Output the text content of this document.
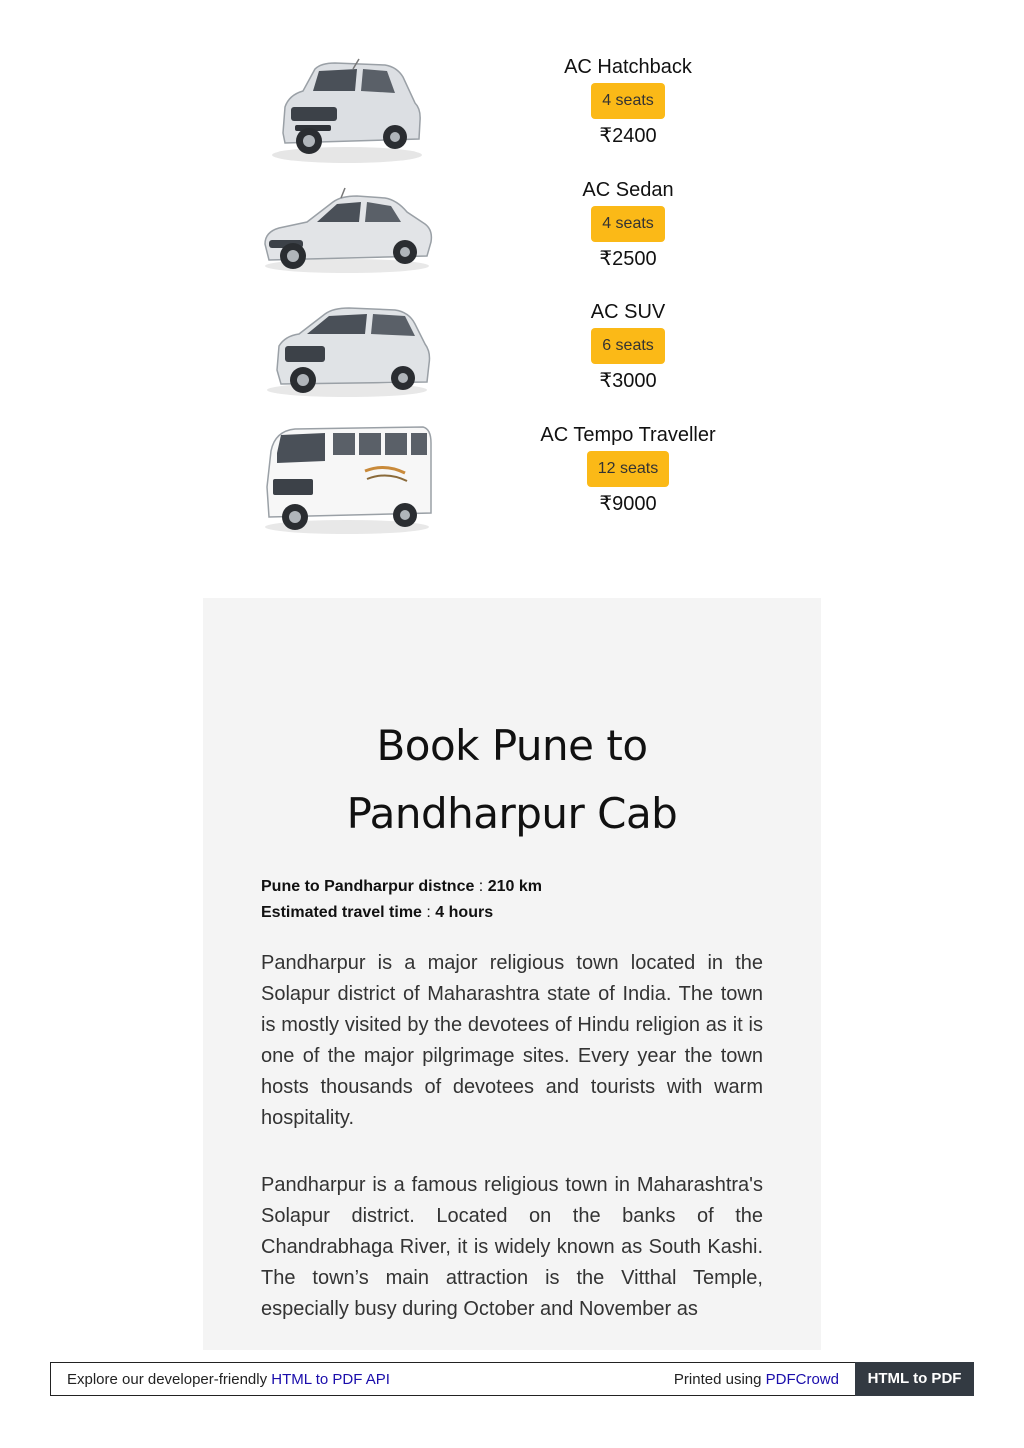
AC Hatchback
4 seats
₹2400
AC Sedan
4 seats
₹2500
AC SUV
6 seats
₹3000
AC Tempo Traveller
12 seats
₹9000
Book Pune to
Pandharpur Cab
Pune to Pandharpur distnce : 210 km
Estimated travel time : 4 hours

Pandharpur is a major religious town located in the Solapur district of Maharashtra state of India. The town is mostly visited by the devotees of Hindu religion as it is one of the major pilgrimage sites. Every year the town hosts thousands of devotees and tourists with warm hospitality.

Pandharpur is a famous religious town in Maharashtra's Solapur district. Located on the banks of the Chandrabhaga River, it is widely known as South Kashi. The town’s main attraction is the Vitthal Temple, especially busy during October and November as

Explore our developer-friendly HTML to PDF API	Printed using PDFCrowd	HTML to PDF
